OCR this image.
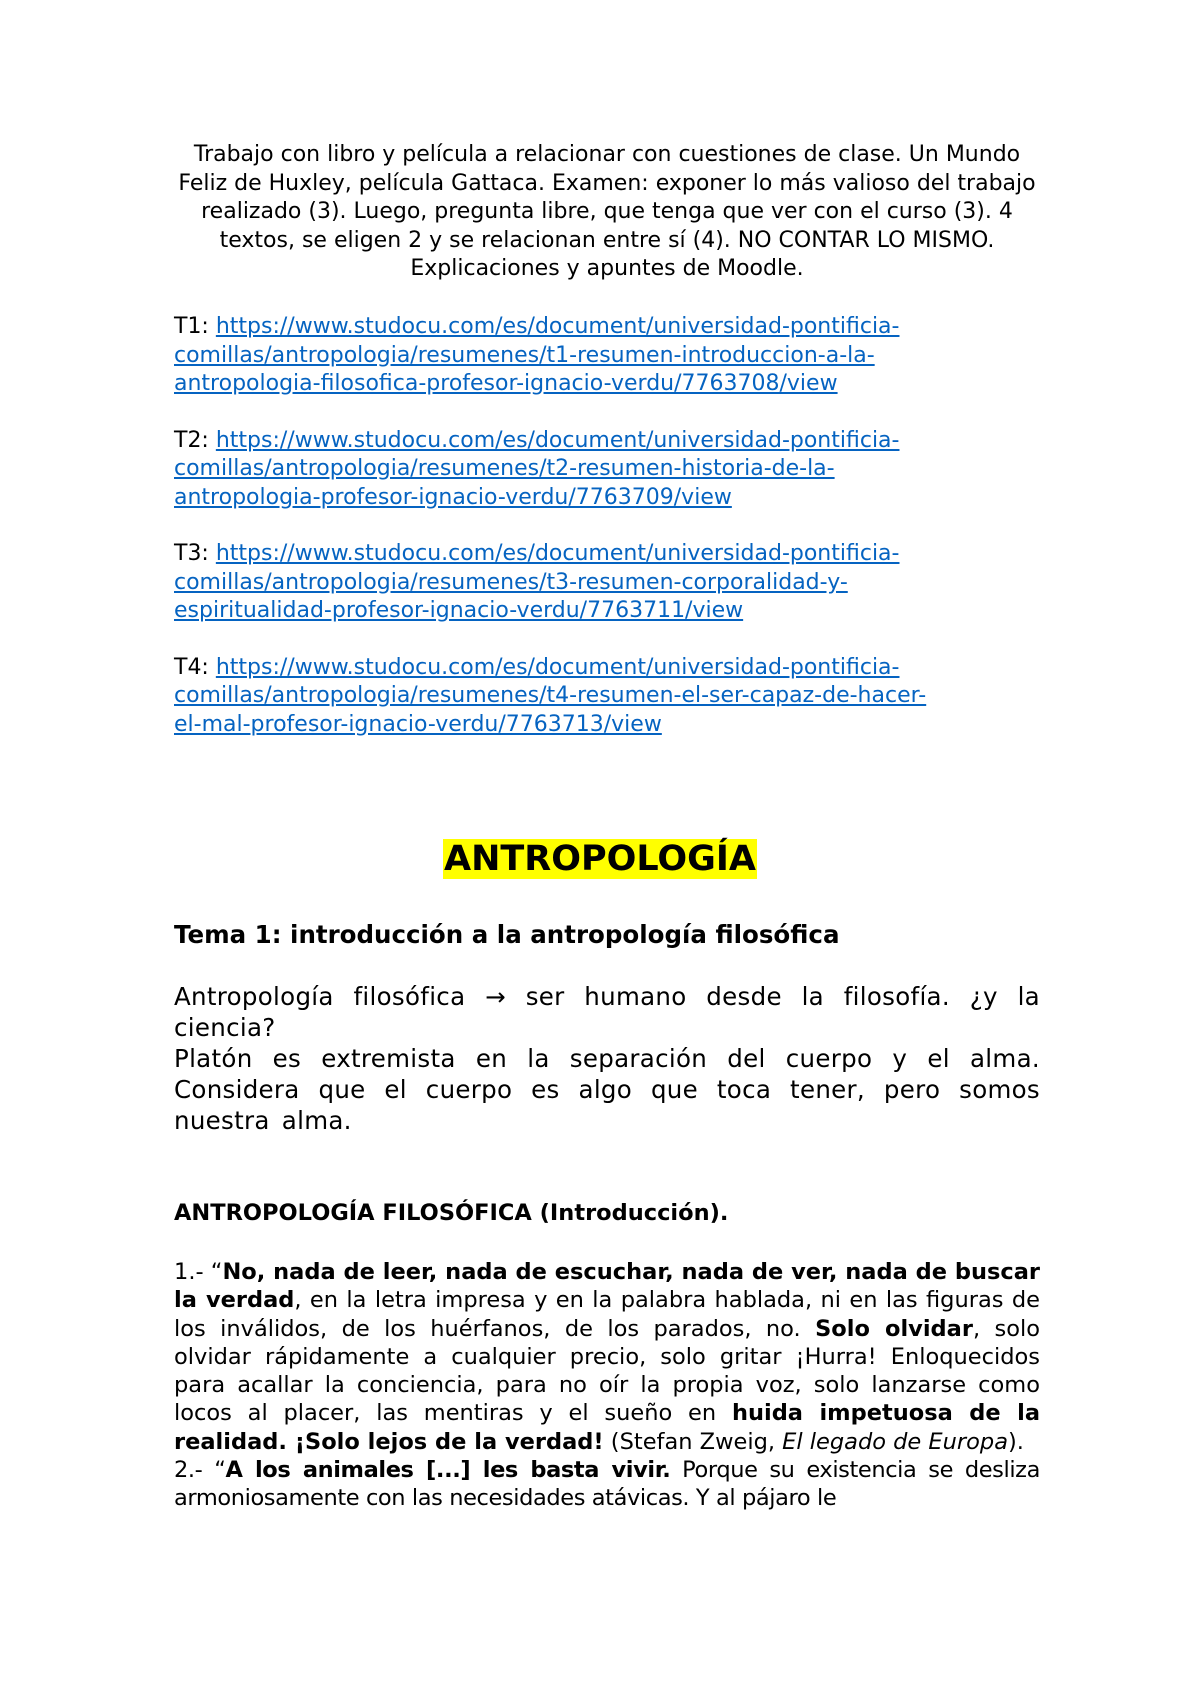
Trabajo con libro y película a relacionar con cuestiones de clase. Un Mundo Feliz de Huxley, película Gattaca. Examen: exponer lo más valioso del trabajo realizado (3). Luego, pregunta libre, que tenga que ver con el curso (3). 4 textos, se eligen 2 y se relacionan entre sí (4). NO CONTAR LO MISMO. Explicaciones y apuntes de Moodle.

T1: https://www.studocu.com/es/document/universidad-pontificia-
comillas/antropologia/resumenes/t1-resumen-introduccion-a-la-
antropologia-filosofica-profesor-ignacio-verdu/7763708/view

T2: https://www.studocu.com/es/document/universidad-pontificia-
comillas/antropologia/resumenes/t2-resumen-historia-de-la-
antropologia-profesor-ignacio-verdu/7763709/view

T3: https://www.studocu.com/es/document/universidad-pontificia-
comillas/antropologia/resumenes/t3-resumen-corporalidad-y-
espiritualidad-profesor-ignacio-verdu/7763711/view

T4: https://www.studocu.com/es/document/universidad-pontificia-
comillas/antropologia/resumenes/t4-resumen-el-ser-capaz-de-hacer-
el-mal-profesor-ignacio-verdu/7763713/view

ANTROPOLOGÍA
Tema 1: introducción a la antropología filosófica

Antropología filosófica → ser humano desde la filosofía. ¿y la ciencia?

Platón es extremista en la separación del cuerpo y el alma. Considera que el cuerpo es algo que toca tener, pero somos nuestra alma.

ANTROPOLOGÍA FILOSÓFICA (Introducción).

1.- “No, nada de leer, nada de escuchar, nada de ver, nada de buscar la verdad, en la letra impresa y en la palabra hablada, ni en las figuras de los inválidos, de los huérfanos, de los parados, no. Solo olvidar, solo olvidar rápidamente a cualquier precio, solo gritar ¡Hurra! Enloquecidos para acallar la conciencia, para no oír la propia voz, solo lanzarse como locos al placer, las mentiras y el sueño en huida impetuosa de la realidad. ¡Solo lejos de la verdad! (Stefan Zweig, El legado de Europa).

2.- “A los animales [...] les basta vivir. Porque su existencia se desliza armoniosamente con las necesidades atávicas. Y al pájaro le
